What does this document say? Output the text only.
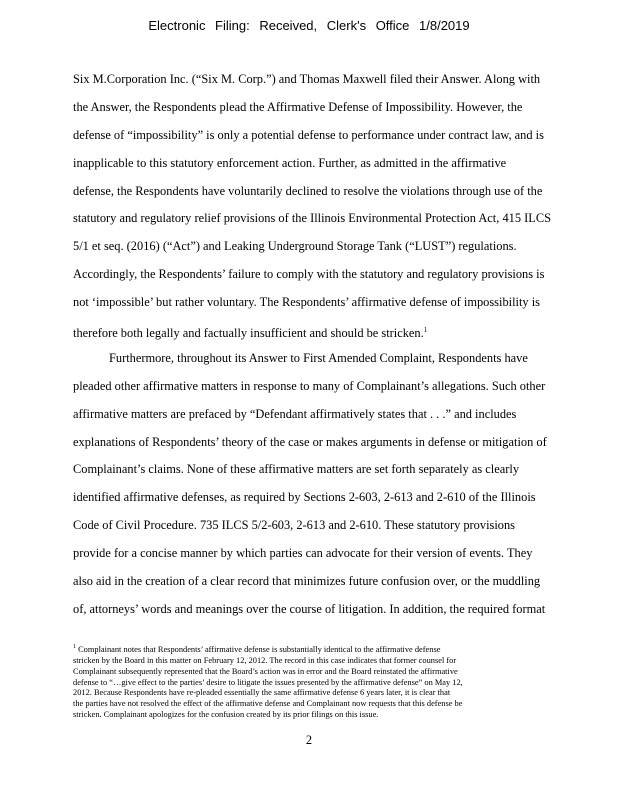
Electronic Filing: Received, Clerk's Office 1/8/2019
Six M.Corporation Inc. (“Six M. Corp.”) and Thomas Maxwell filed their Answer. Along with
the Answer, the Respondents plead the Affirmative Defense of Impossibility. However, the
defense of “impossibility” is only a potential defense to performance under contract law, and is
inapplicable to this statutory enforcement action. Further, as admitted in the affirmative
defense, the Respondents have voluntarily declined to resolve the violations through use of the
statutory and regulatory relief provisions of the Illinois Environmental Protection Act, 415 ILCS
5/1 et seq. (2016) (“Act”) and Leaking Underground Storage Tank (“LUST”) regulations.
Accordingly, the Respondents’ failure to comply with the statutory and regulatory provisions is
not ‘impossible’ but rather voluntary. The Respondents’ affirmative defense of impossibility is
therefore both legally and factually insufficient and should be stricken.$^1$
Furthermore, throughout its Answer to First Amended Complaint, Respondents have
pleaded other affirmative matters in response to many of Complainant’s allegations. Such other
affirmative matters are prefaced by “Defendant affirmatively states that . . .” and includes
explanations of Respondents’ theory of the case or makes arguments in defense or mitigation of
Complainant’s claims. None of these affirmative matters are set forth separately as clearly
identified affirmative defenses, as required by Sections 2-603, 2-613 and 2-610 of the Illinois
Code of Civil Procedure. 735 ILCS 5/2-603, 2-613 and 2-610. These statutory provisions
provide for a concise manner by which parties can advocate for their version of events. They
also aid in the creation of a clear record that minimizes future confusion over, or the muddling
of, attorneys’ words and meanings over the course of litigation. In addition, the required format
$^1$ Complainant notes that Respondents’ affirmative defense is substantially identical to the affirmative defense
stricken by the Board in this matter on February 12, 2012. The record in this case indicates that former counsel for
Complainant subsequently represented that the Board’s action was in error and the Board reinstated the affirmative
defense to “…give effect to the parties’ desire to litigate the issues presented by the affirmative defense” on May 12,
2012. Because Respondents have re-pleaded essentially the same affirmative defense 6 years later, it is clear that
the parties have not resolved the effect of the affirmative defense and Complainant now requests that this defense be
stricken. Complainant apologizes for the confusion created by its prior filings on this issue.
2
